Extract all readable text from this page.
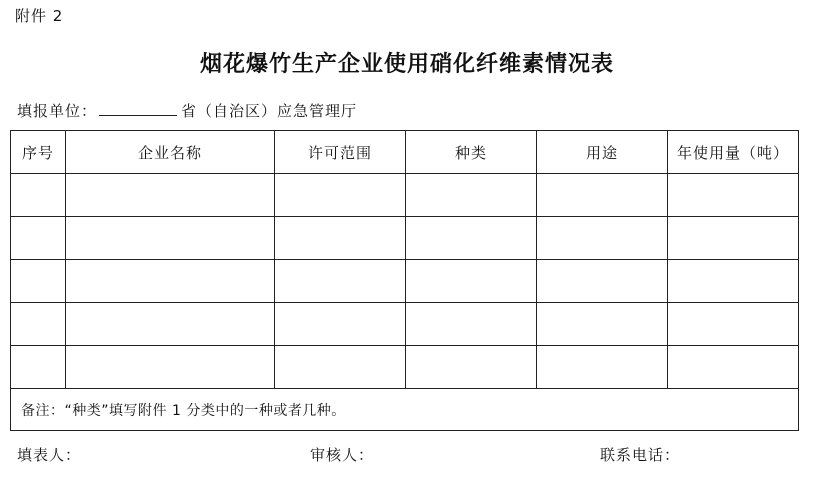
附件 2
烟花爆竹生产企业使用硝化纤维素情况表
填报单位：	省（自治区）应急管理厅
序号	企业名称	许可范围	种类	用途	年使用量（吨）

备注：“种类”填写附件 1 分类中的一种或者几种。					
填表人：	审核人：	联系电话：
